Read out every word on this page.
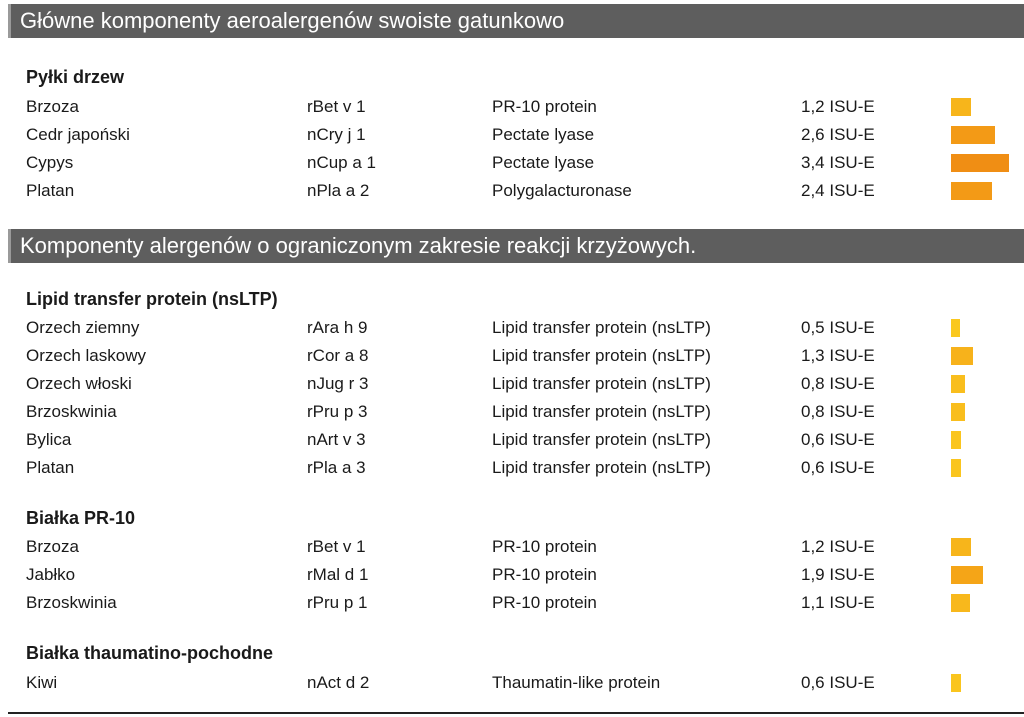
Główne komponenty aeroalergenów swoiste gatunkowo
Pyłki drzew
Brzoza	rBet v 1	PR-10 protein	1,2 ISU-E
Cedr japoński	nCry j 1	Pectate lyase	2,6 ISU-E
Cypys	nCup a 1	Pectate lyase	3,4 ISU-E
Platan	nPla a 2	Polygalacturonase	2,4 ISU-E
Komponenty alergenów o ograniczonym zakresie reakcji krzyżowych.
Lipid transfer protein (nsLTP)
Orzech ziemny	rAra h 9	Lipid transfer protein (nsLTP)	0,5 ISU-E
Orzech laskowy	rCor a 8	Lipid transfer protein (nsLTP)	1,3 ISU-E
Orzech włoski	nJug r 3	Lipid transfer protein (nsLTP)	0,8 ISU-E
Brzoskwinia	rPru p 3	Lipid transfer protein (nsLTP)	0,8 ISU-E
Bylica	nArt v 3	Lipid transfer protein (nsLTP)	0,6 ISU-E
Platan	rPla a 3	Lipid transfer protein (nsLTP)	0,6 ISU-E
Białka PR-10
Brzoza	rBet v 1	PR-10 protein	1,2 ISU-E
Jabłko	rMal d 1	PR-10 protein	1,9 ISU-E
Brzoskwinia	rPru p 1	PR-10 protein	1,1 ISU-E
Białka thaumatino-pochodne
Kiwi	nAct d 2	Thaumatin-like protein	0,6 ISU-E
